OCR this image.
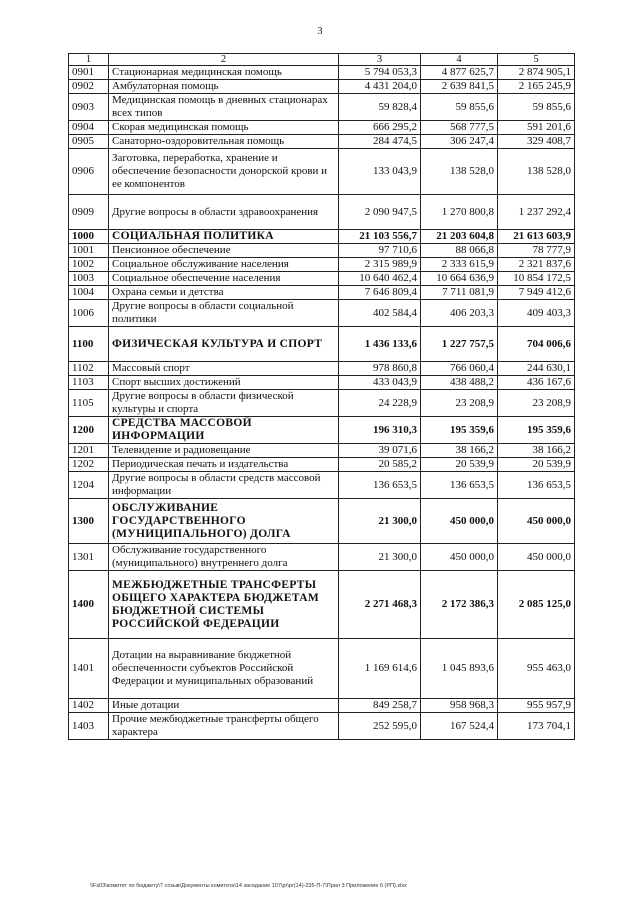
3
1	2	3	4	5
0901	Стационарная медицинская помощь	5 794 053,3	4 877 625,7	2 874 905,1
0902	Амбулаторная помощь	4 431 204,0	2 639 841,5	2 165 245,9
0903	Медицинская помощь в дневных стационарах всех типов	59 828,4	59 855,6	59 855,6
0904	Скорая медицинская помощь	666 295,2	568 777,5	591 201,6
0905	Санаторно-оздоровительная помощь	284 474,5	306 247,4	329 408,7
0906	Заготовка, переработка, хранение и обеспечение безопасности донорской крови и ее компонентов	133 043,9	138 528,0	138 528,0
0909	Другие вопросы в области здравоохранения	2 090 947,5	1 270 800,8	1 237 292,4
1000	СОЦИАЛЬНАЯ ПОЛИТИКА	21 103 556,7	21 203 604,8	21 613 603,9
1001	Пенсионное обеспечение	97 710,6	88 066,8	78 777,9
1002	Социальное обслуживание населения	2 315 989,9	2 333 615,9	2 321 837,6
1003	Социальное обеспечение населения	10 640 462,4	10 664 636,9	10 854 172,5
1004	Охрана семьи и детства	7 646 809,4	7 711 081,9	7 949 412,6
1006	Другие вопросы в области социальной политики	402 584,4	406 203,3	409 403,3
1100	ФИЗИЧЕСКАЯ КУЛЬТУРА И СПОРТ	1 436 133,6	1 227 757,5	704 006,6
1102	Массовый спорт	978 860,8	766 060,4	244 630,1
1103	Спорт высших достижений	433 043,9	438 488,2	436 167,6
1105	Другие вопросы в области физической культуры и спорта	24 228,9	23 208,9	23 208,9
1200	СРЕДСТВА МАССОВОЙ ИНФОРМАЦИИ	196 310,3	195 359,6	195 359,6
1201	Телевидение и радиовещание	39 071,6	38 166,2	38 166,2
1202	Периодическая печать и издательства	20 585,2	20 539,9	20 539,9
1204	Другие вопросы в области средств массовой информации	136 653,5	136 653,5	136 653,5
1300	ОБСЛУЖИВАНИЕ ГОСУДАРСТВЕННОГО (МУНИЦИПАЛЬНОГО) ДОЛГА	21 300,0	450 000,0	450 000,0
1301	Обслуживание государственного (муниципального) внутреннего долга	21 300,0	450 000,0	450 000,0
1400	МЕЖБЮДЖЕТНЫЕ ТРАНСФЕРТЫ ОБЩЕГО ХАРАКТЕРА БЮДЖЕТАМ БЮДЖЕТНОЙ СИСТЕМЫ РОССИЙСКОЙ ФЕДЕРАЦИИ	2 271 468,3	2 172 386,3	2 085 125,0
1401	Дотации на выравнивание бюджетной обеспеченности субъектов Российской Федерации и муниципальных образований	1 169 614,6	1 045 893,6	955 463,0
1402	Иные дотации	849 258,7	958 968,3	955 957,9
1403	Прочие межбюджетные трансферты общего характера	252 595,0	167 524,4	173 704,1
\\Fs03\комитет по бюджету\7 созыв\Документы комитета\14 заседание 107\pr\pr(14)-235-П-7\Прил 3 Приложение 6 (РП).xlsx
